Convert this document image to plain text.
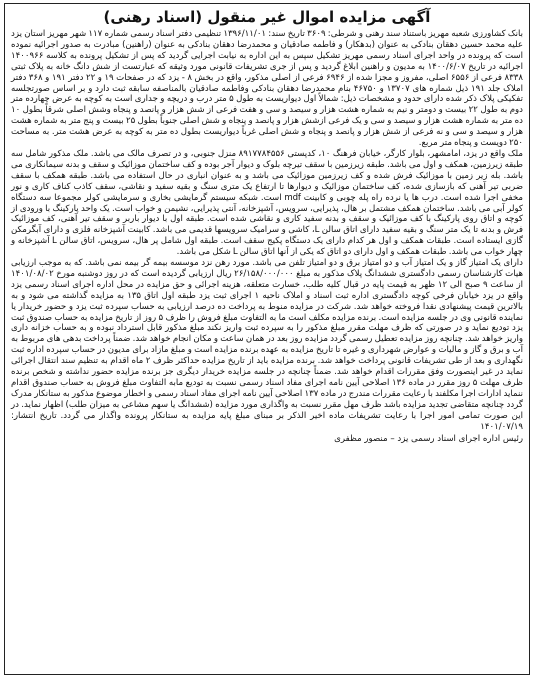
آگهی مزایده اموال غیر منقول (اسناد رهنی)

بانک کشاورزی شعبه مهریز باستناد سند رهنی و شرطی: ۳۶۰۹ تاریخ سند: ۱۳۹۶/۱۱/۰۱ تنظیمی دفتر اسناد رسمی شماره ۱۱۷ شهر مهریز استان یزد علیه محمد حسین دهقان بنادکی به عنوان (بدهکار) و فاطمه صادقیان و محمدرضا دهقان بنادکی به عنوان (راهنین) مبادرت به صدور اجرائیه نموده است که پرونده در واحد اجرای اسناد رسمی مهریز تشکیل سپس به این اداره به نیابت اجرایی گردید که پس از تشکیل پرونده به کلاسه ۱۴۰۰۹۶۶ اجرائیه در تاریخ ۱۴۰۰/۶/۰۷ به مدیون و راهنین ابلاغ گردید و پس از جری تشریفات قانونی مورد وثیقه که عبارتست از شش دانگ خانه به پلاک ثبتی ۸۳۳۸ فرعی از ۶۵۵۶ اصلی، مفروز و مجزا شده از ۶۹۴۶ فرعی از اصلی مذکور، واقع در بخش ۸ - یزد که در صفحات ۱۹ و ۲۲ دفتر ۱۹۱ و ۳۶۸ دفتر املاک جلد ۱۹۱ ذیل شماره های ۱۳۷۰۷ و ۴۶۷۵۰ بنام محمدرضا دهقان بنادکی وفاطمه صادقیان بالمناصفه سابقه ثبت دارد و بر اساس صورتجلسه تفکیکی پلاک ذکر شده دارای حدود و مشخصات ذیل: شمالاً اول دیواریست به طول ۵ متر درب و دریچه و جداری است به کوچه به عرض چهارده متر دوم به طول ۲۲ بیست و دومتر و نیم به شماره هشت هزار و سیصد و سی و هفت فرعی از شش هزار و پانصد و پنجاه وشش اصلی شرقاً بطول ۱۰ ده متر به شماره هشت هزار و سیصد و سی و یک فرعی ازشش هزار و پانصد و پنجاه و شش اصلی جنوباً بطول ۲۵ بیست و پنج متر به شماره هشت هزار و سیصد و سی و نه فرعی از شش هزار و پانصد و پنجاه و شش اصلی غرباً دیواریست بطول ده متر به کوچه به عرض هشت متر. به مساحت ۲۵۰ دویست و پنجاه متر مربع.

ملک واقع در یزد، امامشهر، بلوار کارگر، خیابان فرهنگ ۱۰، کدپستی ۸۹۱۷۷۸۴۵۵۶ منزل جنوبی، و در تصرف مالک می باشد. ملک مذکور شامل سه طبقه زیرزمین، همکف و اول می باشد. طبقه زیرزمین با سقف تیرچه بلوک و دیوار آجر بوده و کف ساختمان موزائیک و سقف و بدنه سیمانکاری می باشد. بله زیر زمین با موزائیک فرش شده و کف زیرزمین موزائیک می باشد و به عنوان انباری در حال استفاده می باشد. طبقه همکف با سقف ضربی تیر آهنی که بازسازی شده، کف ساختمان موزائیک و دیوارها تا ارتفاع یک متری سنگ و بقیه سفید و نقاشی، سقف کاذب کناف کاری و نور مخفی اجرا شده است. درب ها یا نرده راه پله چوبی و کابینت mdf است. شبکه سیستم گرمایشی بخاری و سرمایشی کولر مجموعا سه دستگاه کولر آبی می باشد. ساختمان همکف مشتمل بر هال، پذیرایی، سرویس، آشپزخانه، آنتی پذیرایی، نشیمن و خواب است. یک واحد پارکینگ با ورودی از کوچه و اتاق روی پارکینگ با کف موزائیک و سقف و بدنه سفید کاری و نقاشی شده است. طبقه اول با دیوار باربر و سقف تیر آهنی، کف موزائیک فرش و بدنه تا یک متر سنگ و بقیه سفید دارای اتاق سالن L، کاشی و سرامیک سرویسها قدیمی می باشد. کابینت آشپزخانه فلزی و دارای آبگرمکن گازی ایستاده است. طبقات همکف و اول هر کدام دارای یک دستگاه پکیج سقف است. طبقه اول شامل پر هال، سرویس، اتاق سالن L آشپزخانه و چهار خواب می باشد. طبقات همکف و اول دارای دو اتاق که یکی از آنها اتاق سالن L شکل می باشد.

دارای یک امتیاز گاز و یک امتیاز آب و دو امتیاز برق و دو امتیاز تلفن می باشد. مورد رهن نزد موسسه بیمه گر بیمه نمی باشد. که به موجب ارزیابی هیات کارشناسان رسمی دادگستری ششدانگ پلاک مذکور به مبلغ ۲۶/۱۵۸/۰۰۰/۰۰۰ ریال ارزیابی گردیده است که در روز دوشنبه مورخ ۱۴۰۱/۰۸/۰۲ از ساعت ۹ صبح الی ۱۲ ظهر به قیمت پایه در قبال کلیه طلب، خسارت متعلقه، هزینه اجرائی و حق مزایده در محل اداره اجرای اسناد رسمی یزد واقع در یزد خیابان فرخی کوچه دادگستری اداره ثبت اسناد و املاک ناحیه ۱ اجرای ثبت یزد طبقه اول اتاق ۱۳۵ به مزایده گذاشته می شود و به بالاترین قیمت پیشنهادی نقدا فروخته خواهد شد. شرکت در مزایده منوط به پرداخت ده درصد ارزیابی به حساب سپرده ثبت یزد و حضور خریدار یا نماینده قانونی وی در جلسه مزایده است. برنده مزایده مکلف است ما به التفاوت مبلغ فروش را ظرف ۵ روز از تاریخ مزایده به حساب صندوق ثبت یزد تودیع نماید و در صورتی که ظرف مهلت مقرر مبلغ مذکور را به سپرده ثبت واریز نکند مبلغ مذکور قابل استرداد نبوده و به حساب خزانه داری واریز خواهد شد. چنانچه روز مزایده تعطیل رسمی گردد مزایده روز بعد در همان ساعت و مکان انجام خواهد شد. ضمناً پرداخت بدهی های مربوط به آب و برق و گاز و مالیات و عوارض شهرداری و غیره تا تاریخ مزایده به عهده برنده مزایده است و مبلغ مازاد برای مدیون در حساب سپرده اداره ثبت نگهداری و بعد از طی تشریفات قانونی پرداخت خواهد شد. برنده مزایده باید از تاریخ مزایده حداکثر ظرف ۲ ماه اقدام به تنظیم سند انتقال اجرائی نماید در غیر اینصورت وفق مقررات اقدام خواهد شد. ضمناً چنانچه در جلسه مزایده خریدار دیگری جز برنده مزایده حضور نداشته و شخص برنده ظرف مهلت ۵ روز مقرر در ماده ۱۳۶ اصلاحی آیین نامه اجرای مفاد اسناد رسمی نسبت به تودیع مابه التفاوت مبلغ فروش به حساب صندوق اقدام ننماید ادارات اجرا مکلفند با رعایت مقررات مندرج در ماده ۱۳۷ اصلاحی آیین نامه اجرای مفاد اسناد رسمی و اخطار موضوع مذکور به ستانکار مدرک گردد چنانچه متقاضی تجدید مزایده باشد ظرف مهل مقرر نسبت به واگذاری مورد مزایده (ششدانگ یا سهم مشاعی به میزان طلب) اظهار نماید. در این صورت تمامی امور اجرا با رعایت تشریفات ماده اخیر الذکر بر مبنای مبلغ پایه مزایده به ستانکار پرونده واگذار می گردد. تاریخ انتشار: ۱۴۰۱/۰۷/۱۹

رئیس اداره اجرای اسناد رسمی یزد – منصور مظفری
